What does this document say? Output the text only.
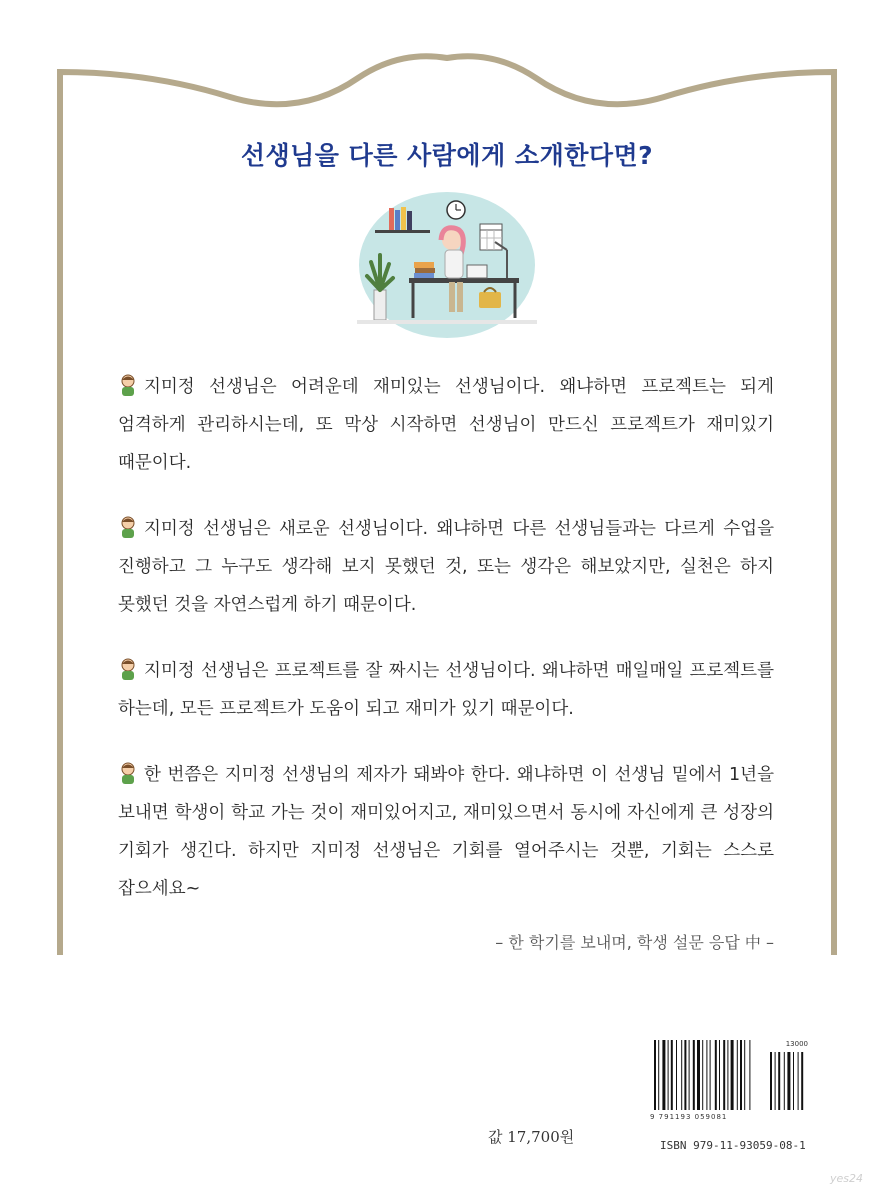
선생님을 다른 사람에게 소개한다면?
지미정 선생님은 어려운데 재미있는 선생님이다. 왜냐하면 프로젝트는 되게 엄격하게 관리하시는데, 또 막상 시작하면 선생님이 만드신 프로젝트가 재미있기 때문이다.
지미정 선생님은 새로운 선생님이다. 왜냐하면 다른 선생님들과는 다르게 수업을 진행하고 그 누구도 생각해 보지 못했던 것, 또는 생각은 해보았지만, 실천은 하지 못했던 것을 자연스럽게 하기 때문이다.
지미정 선생님은 프로젝트를 잘 짜시는 선생님이다. 왜냐하면 매일매일 프로젝트를 하는데, 모든 프로젝트가 도움이 되고 재미가 있기 때문이다.
한 번쯤은 지미정 선생님의 제자가 돼봐야 한다. 왜냐하면 이 선생님 밑에서 1년을 보내면 학생이 학교 가는 것이 재미있어지고, 재미있으면서 동시에 자신에게 큰 성장의 기회가 생긴다. 하지만 지미정 선생님은 기회를 열어주시는 것뿐, 기회는 스스로 잡으세요~
– 한 학기를 보내며, 학생 설문 응답 中 –
값 17,700원
9 791193 059081
13000
ISBN 979-11-93059-08-1
yes24
